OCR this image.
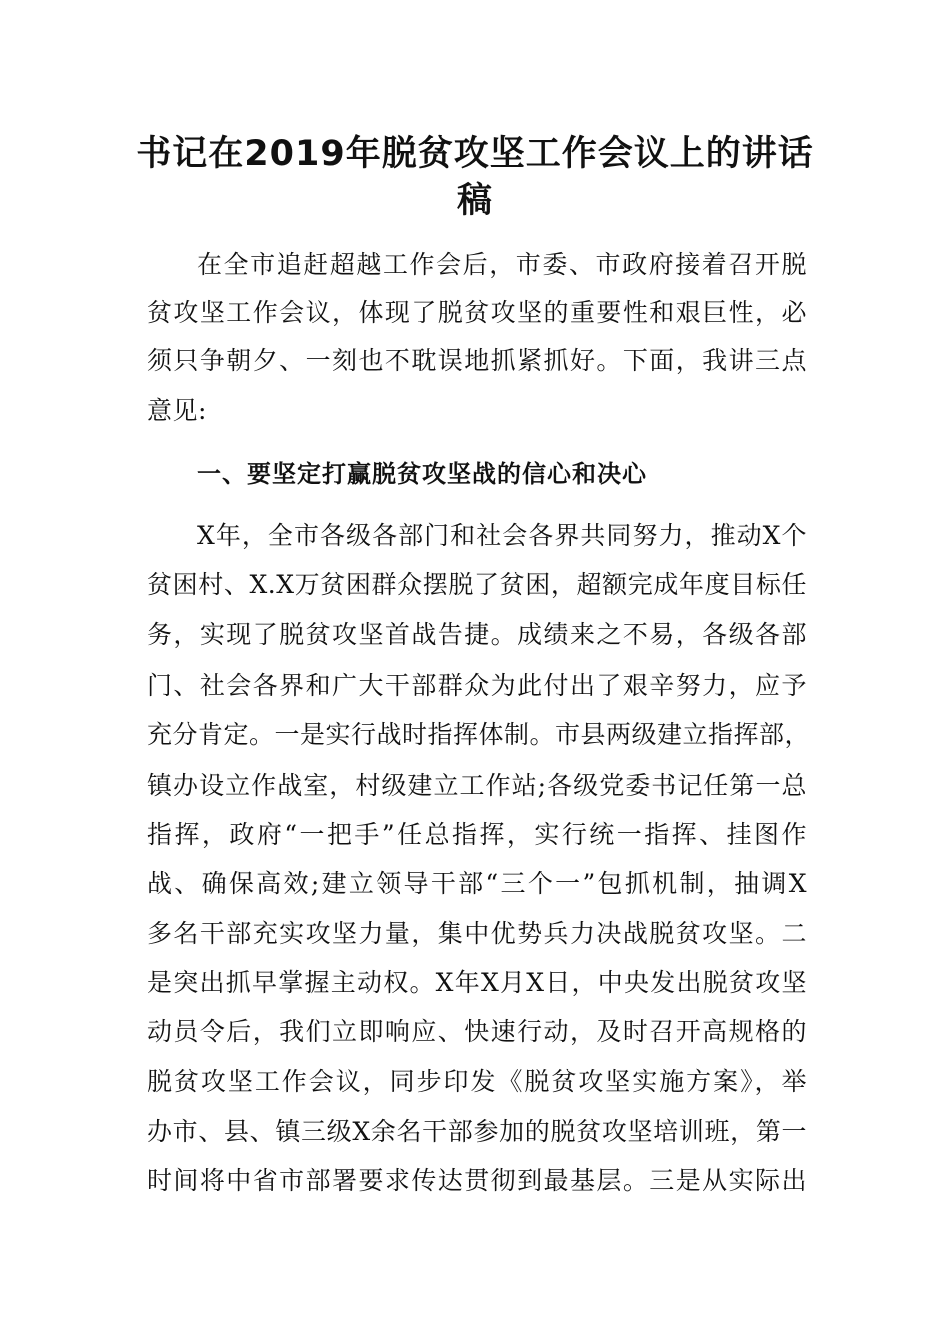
书记在2019年脱贫攻坚工作会议上的讲话
稿
在全市追赶超越工作会后，市委、市政府接着召开脱
贫攻坚工作会议，体现了脱贫攻坚的重要性和艰巨性，必
须只争朝夕、一刻也不耽误地抓紧抓好。下面，我讲三点
意见:
一、要坚定打赢脱贫攻坚战的信心和决心
X年，全市各级各部门和社会各界共同努力，推动X个
贫困村、X.X万贫困群众摆脱了贫困，超额完成年度目标任
务，实现了脱贫攻坚首战告捷。成绩来之不易，各级各部
门、社会各界和广大干部群众为此付出了艰辛努力，应予
充分肯定。一是实行战时指挥体制。市县两级建立指挥部，
镇办设立作战室，村级建立工作站;各级党委书记任第一总
指挥，政府“一把手”任总指挥，实行统一指挥、挂图作
战、确保高效;建立领导干部“三个一”包抓机制，抽调X
多名干部充实攻坚力量，集中优势兵力决战脱贫攻坚。二
是突出抓早掌握主动权。X年X月X日，中央发出脱贫攻坚
动员令后，我们立即响应、快速行动，及时召开高规格的
脱贫攻坚工作会议，同步印发《脱贫攻坚实施方案》，举
办市、县、镇三级X余名干部参加的脱贫攻坚培训班，第一
时间将中省市部署要求传达贯彻到最基层。三是从实际出
